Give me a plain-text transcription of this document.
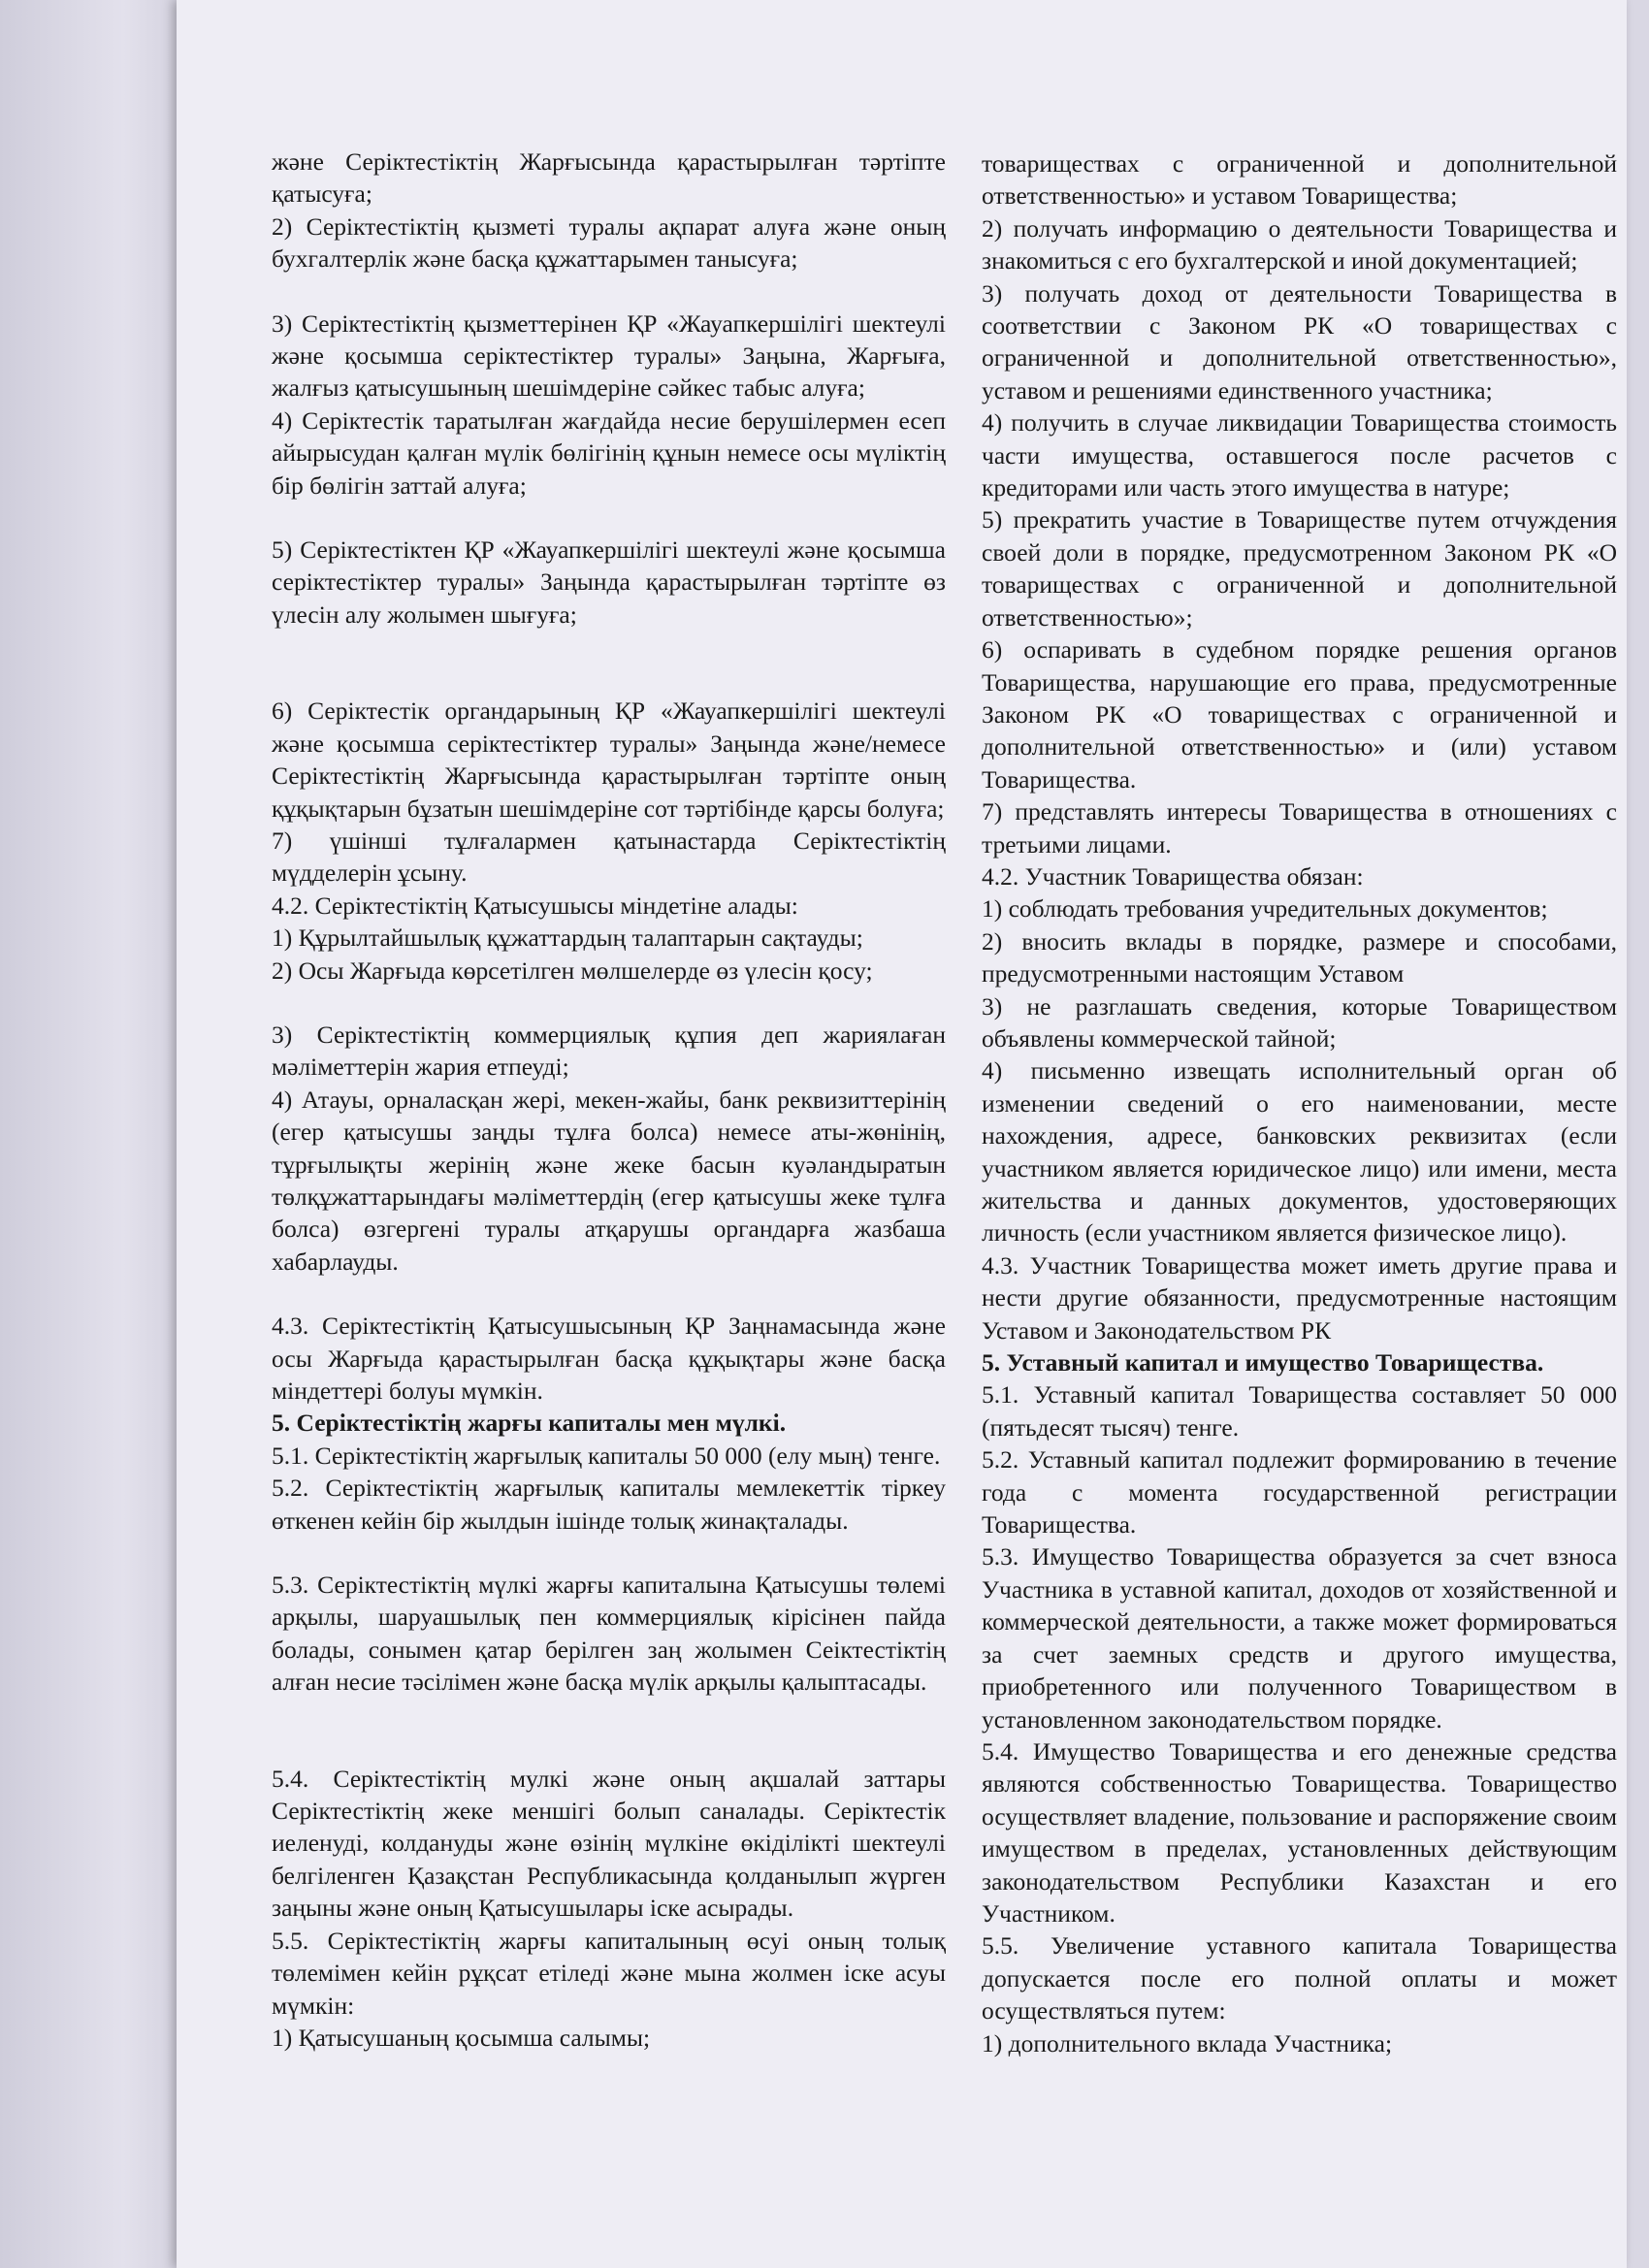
және Серіктестіктің Жарғысында қарастырылған тәртіпте қатысуға;

2) Серіктестіктің қызметі туралы ақпарат алуға және оның бухгалтерлік және басқа құжаттарымен танысуға;

3) Серіктестіктің қызметтерінен ҚР «Жауапкершілігі шектеулі және қосымша серіктестіктер туралы» Заңына, Жарғыға, жалғыз қатысушының шешімдеріне сәйкес табыс алуға;

4) Серіктестік таратылған жағдайда несие берушілермен есеп айырысудан қалған мүлік бөлігінің құнын немесе осы мүліктің бір бөлігін заттай алуға;

5) Серіктестіктен ҚР «Жауапкершілігі шектеулі және қосымша серіктестіктер туралы» Заңында қарастырылған тәртіпте өз үлесін алу жолымен шығуға;

6) Серіктестік органдарының ҚР «Жауапкершілігі шектеулі және қосымша серіктестіктер туралы» Заңында және/немесе Серіктестіктің Жарғысында қарастырылған тәртіпте оның құқықтарын бұзатын шешімдеріне сот тәртібінде қарсы болуға;

7) үшінші тұлғалармен қатынастарда Серіктестіктің мүдделерін ұсыну.

4.2. Серіктестіктің Қатысушысы міндетіне алады:

1) Құрылтайшылық құжаттардың талаптарын сақтауды;

2) Осы Жарғыда көрсетілген мөлшелерде өз үлесін қосу;

3) Серіктестіктің коммерциялық құпия деп жариялаған мәліметтерін жария етпеуді;

4) Атауы, орналасқан жері, мекен-жайы, банк реквизиттерінің (егер қатысушы заңды тұлға болса) немесе аты-жөнінің, тұрғылықты жерінің және жеке басын куәландыратын төлқұжаттарындағы мәліметтердің (егер қатысушы жеке тұлға болса) өзгергені туралы атқарушы органдарға жазбаша хабарлауды.

4.3. Серіктестіктің Қатысушысының ҚР Заңнамасында және осы Жарғыда қарастырылған басқа құқықтары және басқа міндеттері болуы мүмкін.

5. Серіктестіктің жарғы капиталы мен мүлкі.

5.1. Серіктестіктің жарғылық капиталы 50 000 (елу мың) тенге.

5.2. Серіктестіктің жарғылық капиталы мемлекеттік тіркеу өткенен кейін бір жылдын ішінде толық жинақталады.

5.3. Серіктестіктің мүлкі жарғы капиталына Қатысушы төлемі арқылы, шаруашылық пен коммерциялық кірісінен пайда болады, сонымен қатар берілген заң жолымен Сеіктестіктің алған несие тәсілімен және басқа мүлік арқылы қалыптасады.

5.4. Серіктестіктің мулкі және оның ақшалай заттары Серіктестіктің жеке меншігі болып саналады. Серіктестік иеленуді, колдануды және өзінің мүлкіне өкіділікті шектеулі белгіленген Қазақстан Республикасында қолданылып жүрген заңыны және оның Қатысушылары іске асырады.

5.5. Серіктестіктің жарғы капиталының өсуі оның толық төлемімен кейін рұқсат етіледі және мына жолмен іске асуы мүмкін:

1) Қатысушаның қосымша салымы;

товариществах с ограниченной и дополнительной ответственностью» и уставом Товарищества;

2) получать информацию о деятельности Товарищества и знакомиться с его бухгалтерской и иной документацией;

3) получать доход от деятельности Товарищества в соответствии с Законом РК «О товариществах с ограниченной и дополнительной ответственностью», уставом и решениями единственного участника;

4) получить в случае ликвидации Товарищества стоимость части имущества, оставшегося после расчетов с кредиторами или часть этого имущества в натуре;

5) прекратить участие в Товариществе путем отчуждения своей доли в порядке, предусмотренном Законом РК «О товариществах с ограниченной и дополнительной ответственностью»;

6) оспаривать в судебном порядке решения органов Товарищества, нарушающие его права, предусмотренные Законом РК «О товариществах с ограниченной и дополнительной ответственностью» и (или) уставом Товарищества.

7) представлять интересы Товарищества в отношениях с третьими лицами.

4.2. Участник Товарищества обязан:

1) соблюдать требования учредительных документов;

2) вносить вклады в порядке, размере и способами, предусмотренными настоящим Уставом

3) не разглашать сведения, которые Товариществом объявлены коммерческой тайной;

4) письменно извещать исполнительный орган об изменении сведений о его наименовании, месте нахождения, адресе, банковских реквизитах (если участником является юридическое лицо) или имени, места жительства и данных документов, удостоверяющих личность (если участником является физическое лицо).

4.3. Участник Товарищества может иметь другие права и нести другие обязанности, предусмотренные настоящим Уставом и Законодательством РК

5. Уставный капитал и имущество Товарищества.

5.1. Уставный капитал Товарищества составляет 50 000 (пятьдесят тысяч) тенге.

5.2. Уставный капитал подлежит формированию в течение года с момента государственной регистрации Товарищества.

5.3. Имущество Товарищества образуется за счет взноса Участника в уставной капитал, доходов от хозяйственной и коммерческой деятельности, а также может формироваться за счет заемных средств и другого имущества, приобретенного или полученного Товариществом в установленном законодательством порядке.

5.4. Имущество Товарищества и его денежные средства являются собственностью Товарищества. Товарищество осуществляет владение, пользование и распоряжение своим имуществом в пределах, установленных действующим законодательством Республики Казахстан и его Участником.

5.5. Увеличение уставного капитала Товарищества допускается после его полной оплаты и может осуществляться путем:

1) дополнительного вклада Участника;
